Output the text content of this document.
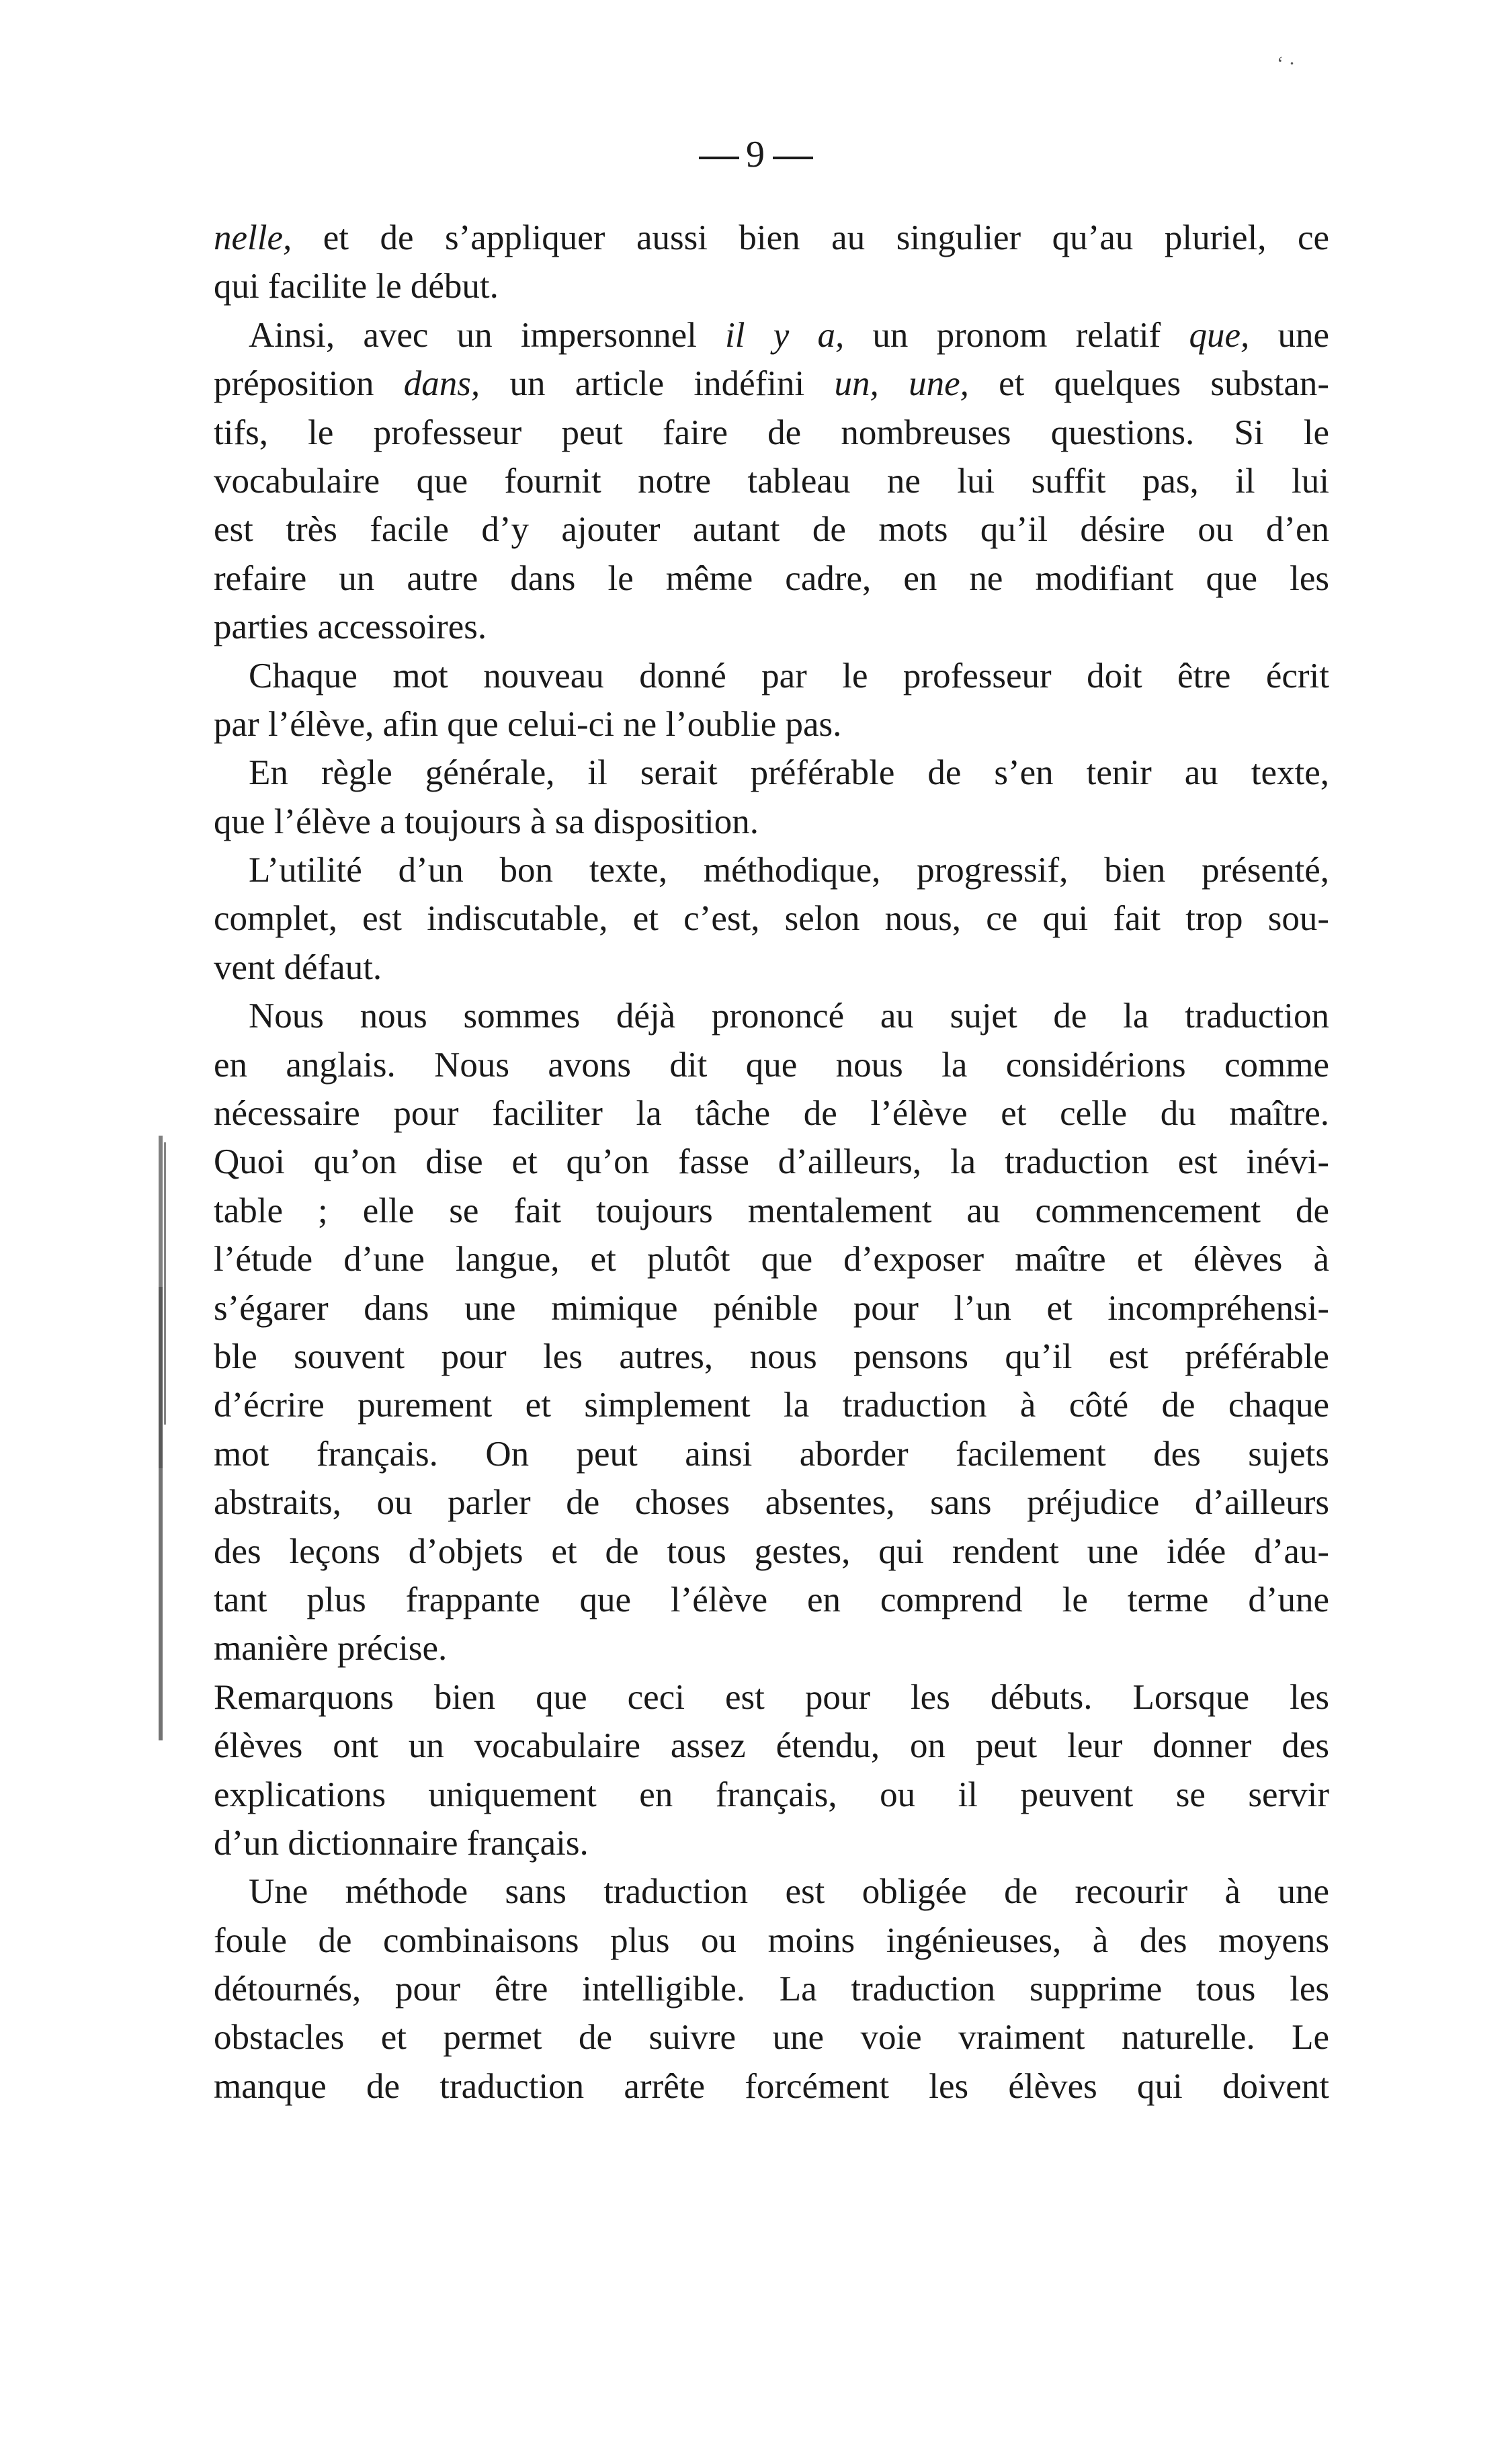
‘ ·
9
nelle, et de s’appliquer aussi bien au singulier qu’au pluriel, ce
qui facilite le début.
Ainsi, avec un impersonnel il y a, un pronom relatif que, une
préposition dans, un article indéfini un, une, et quelques substan-
tifs, le professeur peut faire de nombreuses questions. Si le
vocabulaire que fournit notre tableau ne lui suffit pas, il lui
est très facile d’y ajouter autant de mots qu’il désire ou d’en
refaire un autre dans le même cadre, en ne modifiant que les
parties accessoires.
Chaque mot nouveau donné par le professeur doit être écrit
par l’élève, afin que celui-ci ne l’oublie pas.
En règle générale, il serait préférable de s’en tenir au texte,
que l’élève a toujours à sa disposition.
L’utilité d’un bon texte, méthodique, progressif, bien présenté,
complet, est indiscutable, et c’est, selon nous, ce qui fait trop sou-
vent défaut.
Nous nous sommes déjà prononcé au sujet de la traduction
en anglais. Nous avons dit que nous la considérions comme
nécessaire pour faciliter la tâche de l’élève et celle du maître.
Quoi qu’on dise et qu’on fasse d’ailleurs, la traduction est inévi-
table ; elle se fait toujours mentalement au commencement de
l’étude d’une langue, et plutôt que d’exposer maître et élèves à
s’égarer dans une mimique pénible pour l’un et incompréhensi-
ble souvent pour les autres, nous pensons qu’il est préférable
d’écrire purement et simplement la traduction à côté de chaque
mot français. On peut ainsi aborder facilement des sujets
abstraits, ou parler de choses absentes, sans préjudice d’ailleurs
des leçons d’objets et de tous gestes, qui rendent une idée d’au-
tant plus frappante que l’élève en comprend le terme d’une
manière précise.
Remarquons bien que ceci est pour les débuts. Lorsque les
élèves ont un vocabulaire assez étendu, on peut leur donner des
explications uniquement en français, ou il peuvent se servir
d’un dictionnaire français.
Une méthode sans traduction est obligée de recourir à une
foule de combinaisons plus ou moins ingénieuses, à des moyens
détournés, pour être intelligible. La traduction supprime tous les
obstacles et permet de suivre une voie vraiment naturelle. Le
manque de traduction arrête forcément les élèves qui doivent
